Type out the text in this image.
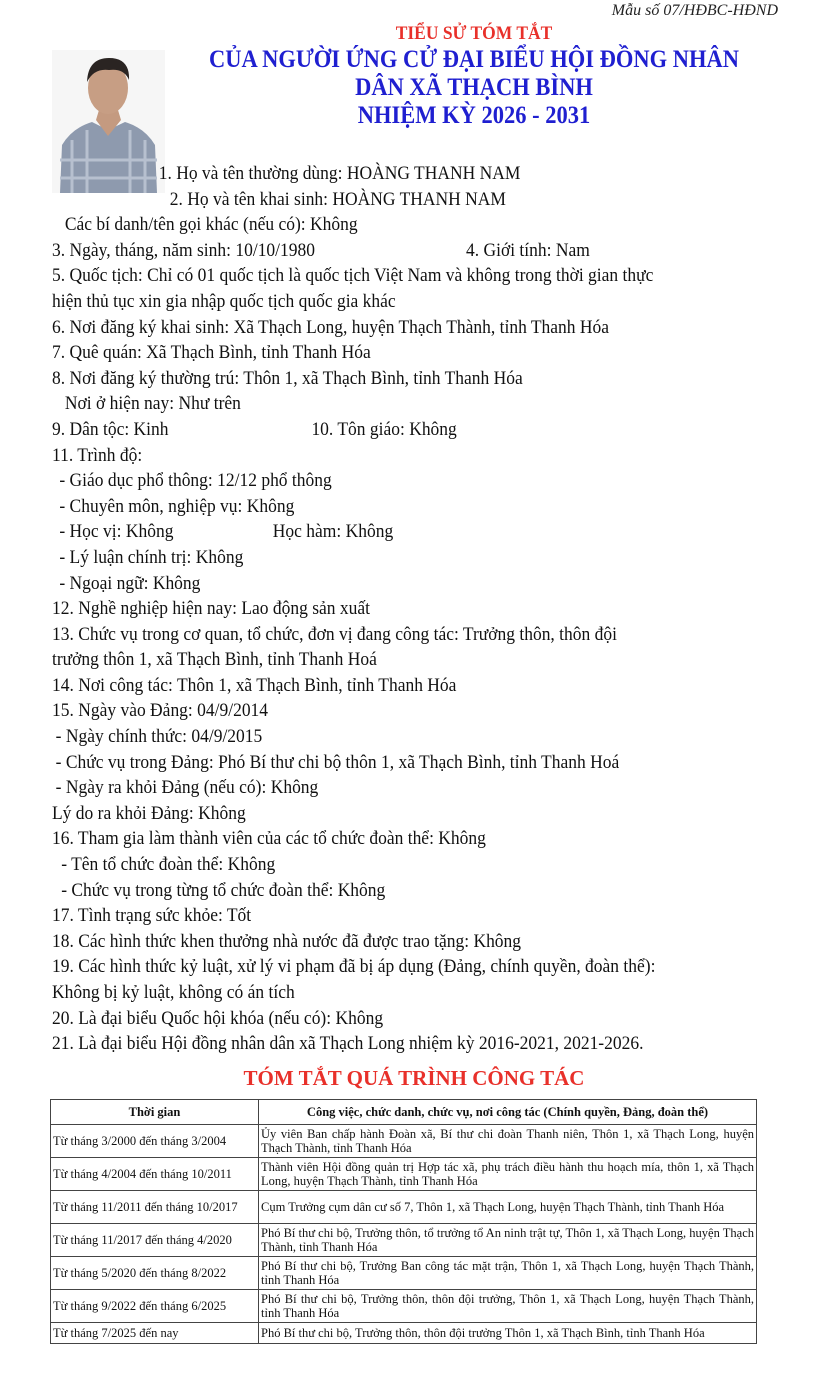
Mẫu số 07/HĐBC-HĐND
TIỂU SỬ TÓM TẮT
CỦA NGƯỜI ỨNG CỬ ĐẠI BIỂU HỘI ĐỒNG NHÂN
DÂN XÃ THẠCH BÌNH
NHIỆM KỲ 2026 - 2031
1. Họ và tên thường dùng: HOÀNG THANH NAM
2. Họ và tên khai sinh: HOÀNG THANH NAM
Các bí danh/tên gọi khác (nếu có): Không
3. Ngày, tháng, năm sinh: 10/10/1980	4. Giới tính: Nam
5. Quốc tịch: Chỉ có 01 quốc tịch là quốc tịch Việt Nam và không trong thời gian thực
hiện thủ tục xin gia nhập quốc tịch quốc gia khác
6. Nơi đăng ký khai sinh: Xã Thạch Long, huyện Thạch Thành, tỉnh Thanh Hóa
7. Quê quán: Xã Thạch Bình, tỉnh Thanh Hóa
8. Nơi đăng ký thường trú: Thôn 1, xã Thạch Bình, tỉnh Thanh Hóa
Nơi ở hiện nay: Như trên
9. Dân tộc: Kinh	10. Tôn giáo: Không
11. Trình độ:
- Giáo dục phổ thông: 12/12 phổ thông
- Chuyên môn, nghiệp vụ: Không
- Học vị: Không	Học hàm: Không
- Lý luận chính trị: Không
- Ngoại ngữ: Không
12. Nghề nghiệp hiện nay: Lao động sản xuất
13. Chức vụ trong cơ quan, tổ chức, đơn vị đang công tác: Trưởng thôn, thôn đội
trưởng thôn 1, xã Thạch Bình, tỉnh Thanh Hoá
14. Nơi công tác: Thôn 1, xã Thạch Bình, tỉnh Thanh Hóa
15. Ngày vào Đảng: 04/9/2014
- Ngày chính thức: 04/9/2015
- Chức vụ trong Đảng: Phó Bí thư chi bộ thôn 1, xã Thạch Bình, tỉnh Thanh Hoá
- Ngày ra khỏi Đảng (nếu có): Không
Lý do ra khỏi Đảng: Không
16. Tham gia làm thành viên của các tổ chức đoàn thể: Không
- Tên tổ chức đoàn thể: Không
- Chức vụ trong từng tổ chức đoàn thể: Không
17. Tình trạng sức khỏe: Tốt
18. Các hình thức khen thưởng nhà nước đã được trao tặng: Không
19. Các hình thức kỷ luật, xử lý vi phạm đã bị áp dụng (Đảng, chính quyền, đoàn thể):
Không bị kỷ luật, không có án tích
20. Là đại biểu Quốc hội khóa (nếu có): Không
21. Là đại biểu Hội đồng nhân dân xã Thạch Long nhiệm kỳ 2016-2021, 2021-2026.
TÓM TẮT QUÁ TRÌNH CÔNG TÁC
Thời gian	Công việc, chức danh, chức vụ, nơi công tác (Chính quyền, Đảng, đoàn thể)
Từ tháng 3/2000 đến tháng 3/2004	Ủy viên Ban chấp hành Đoàn xã, Bí thư chi đoàn Thanh niên, Thôn 1, xã Thạch Long, huyện Thạch Thành, tỉnh Thanh Hóa
Từ tháng 4/2004 đến tháng 10/2011	Thành viên Hội đồng quản trị Hợp tác xã, phụ trách điều hành thu hoạch mía, thôn 1, xã Thạch Long, huyện Thạch Thành, tỉnh Thanh Hóa
Từ tháng 11/2011 đến tháng 10/2017	Cụm Trưởng cụm dân cư số 7, Thôn 1, xã Thạch Long, huyện Thạch Thành, tỉnh Thanh Hóa
Từ tháng 11/2017 đến tháng 4/2020	Phó Bí thư chi bộ, Trưởng thôn, tổ trưởng tổ An ninh trật tự, Thôn 1, xã Thạch Long, huyện Thạch Thành, tỉnh Thanh Hóa
Từ tháng 5/2020 đến tháng 8/2022	Phó Bí thư chi bộ, Trưởng Ban công tác mặt trận, Thôn 1, xã Thạch Long, huyện Thạch Thành, tỉnh Thanh Hóa
Từ tháng 9/2022 đến tháng 6/2025	Phó Bí thư chi bộ, Trưởng thôn, thôn đội trưởng, Thôn 1, xã Thạch Long, huyện Thạch Thành, tỉnh Thanh Hóa
Từ tháng 7/2025 đến nay	Phó Bí thư chi bộ, Trưởng thôn, thôn đội trưởng Thôn 1, xã Thạch Bình, tỉnh Thanh Hóa
